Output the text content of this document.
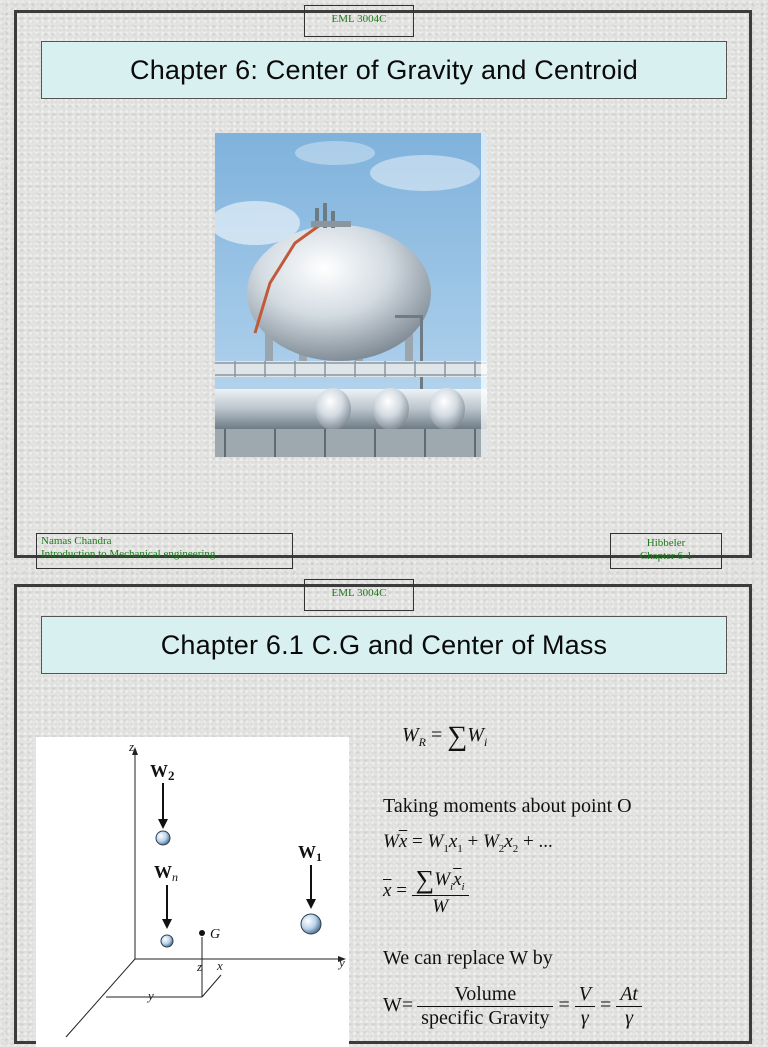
EML 3004C
Chapter 6: Center of Gravity and Centroid
Namas Chandra
Introduction to Mechanical engineering
Hibbeler
Chapter 6-1
EML 3004C
Chapter 6.1 C.G and Center of Mass
z
y
W2
Wn
W1
G
z x
y
$W_R = \sum W_i$
Taking moments about point O
$W\overline{x} = W_1x_1 + W_2x_2$ + ...
$\overline{x} = \frac{\sum W_i\overline{x}_i}{W}$
We can replace W by
$W= \frac{\text{Volume}}{\text{specific Gravity}} = \frac{V}{\gamma} = \frac{At}{\gamma}$
